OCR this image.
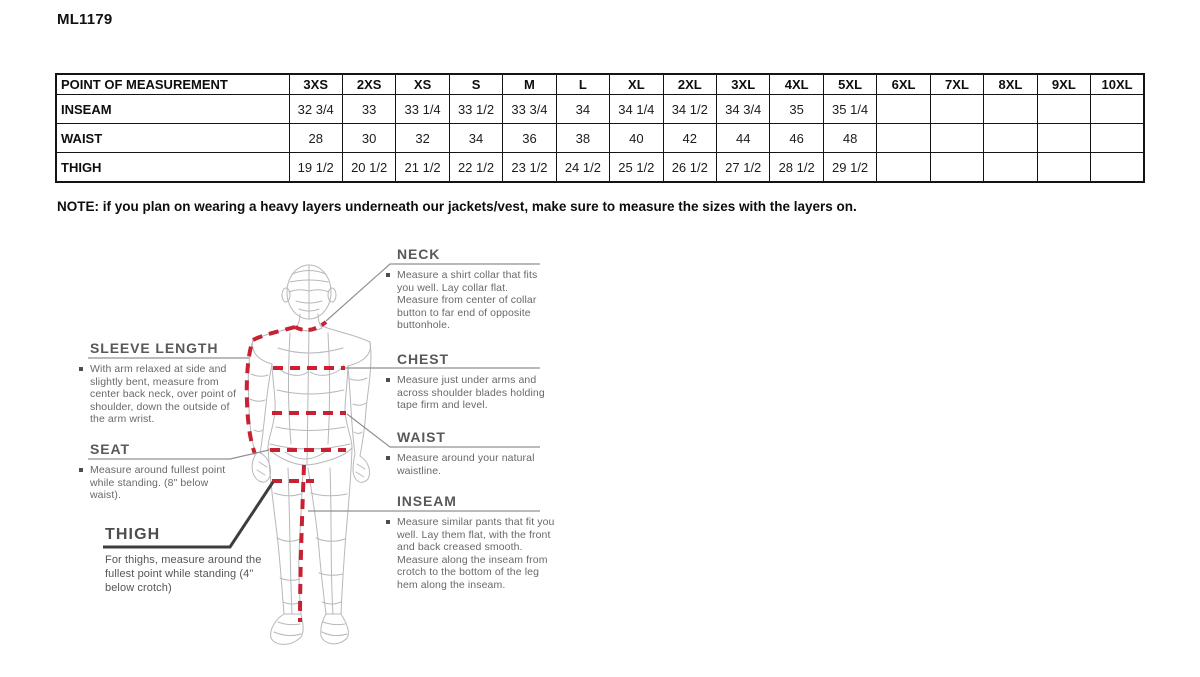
ML1179
POINT OF MEASUREMENT	3XS	2XS	XS	S	M	L	XL	2XL	3XL	4XL	5XL	6XL	7XL	8XL	9XL	10XL
INSEAM	32 3/4	33	33 1/4	33 1/2	33 3/4	34	34 1/4	34 1/2	34 3/4	35	35 1/4					
WAIST	28	30	32	34	36	38	40	42	44	46	48					
THIGH	19 1/2	20 1/2	21 1/2	22 1/2	23 1/2	24 1/2	25 1/2	26 1/2	27 1/2	28 1/2	29 1/2					

NOTE: if you plan on wearing a heavy layers underneath our jackets/vest, make sure to measure the sizes with the layers on.

NECK

Measure a shirt collar that fits you well. Lay collar flat. Measure from center of collar button to far end of opposite buttonhole.

CHEST

Measure just under arms and across shoulder blades holding tape firm and level.

WAIST

Measure around your natural waistline.

INSEAM

Measure similar pants that fit you well. Lay them flat, with the front and back creased smooth. Measure along the inseam from crotch to the bottom of the leg hem along the inseam.

SLEEVE LENGTH

With arm relaxed at side and slightly bent, measure from center back neck, over point of shoulder, down the outside of the arm wrist.

SEAT

Measure around fullest point while standing. (8" below waist).

THIGH

For thighs, measure around the fullest point while standing (4" below crotch)
